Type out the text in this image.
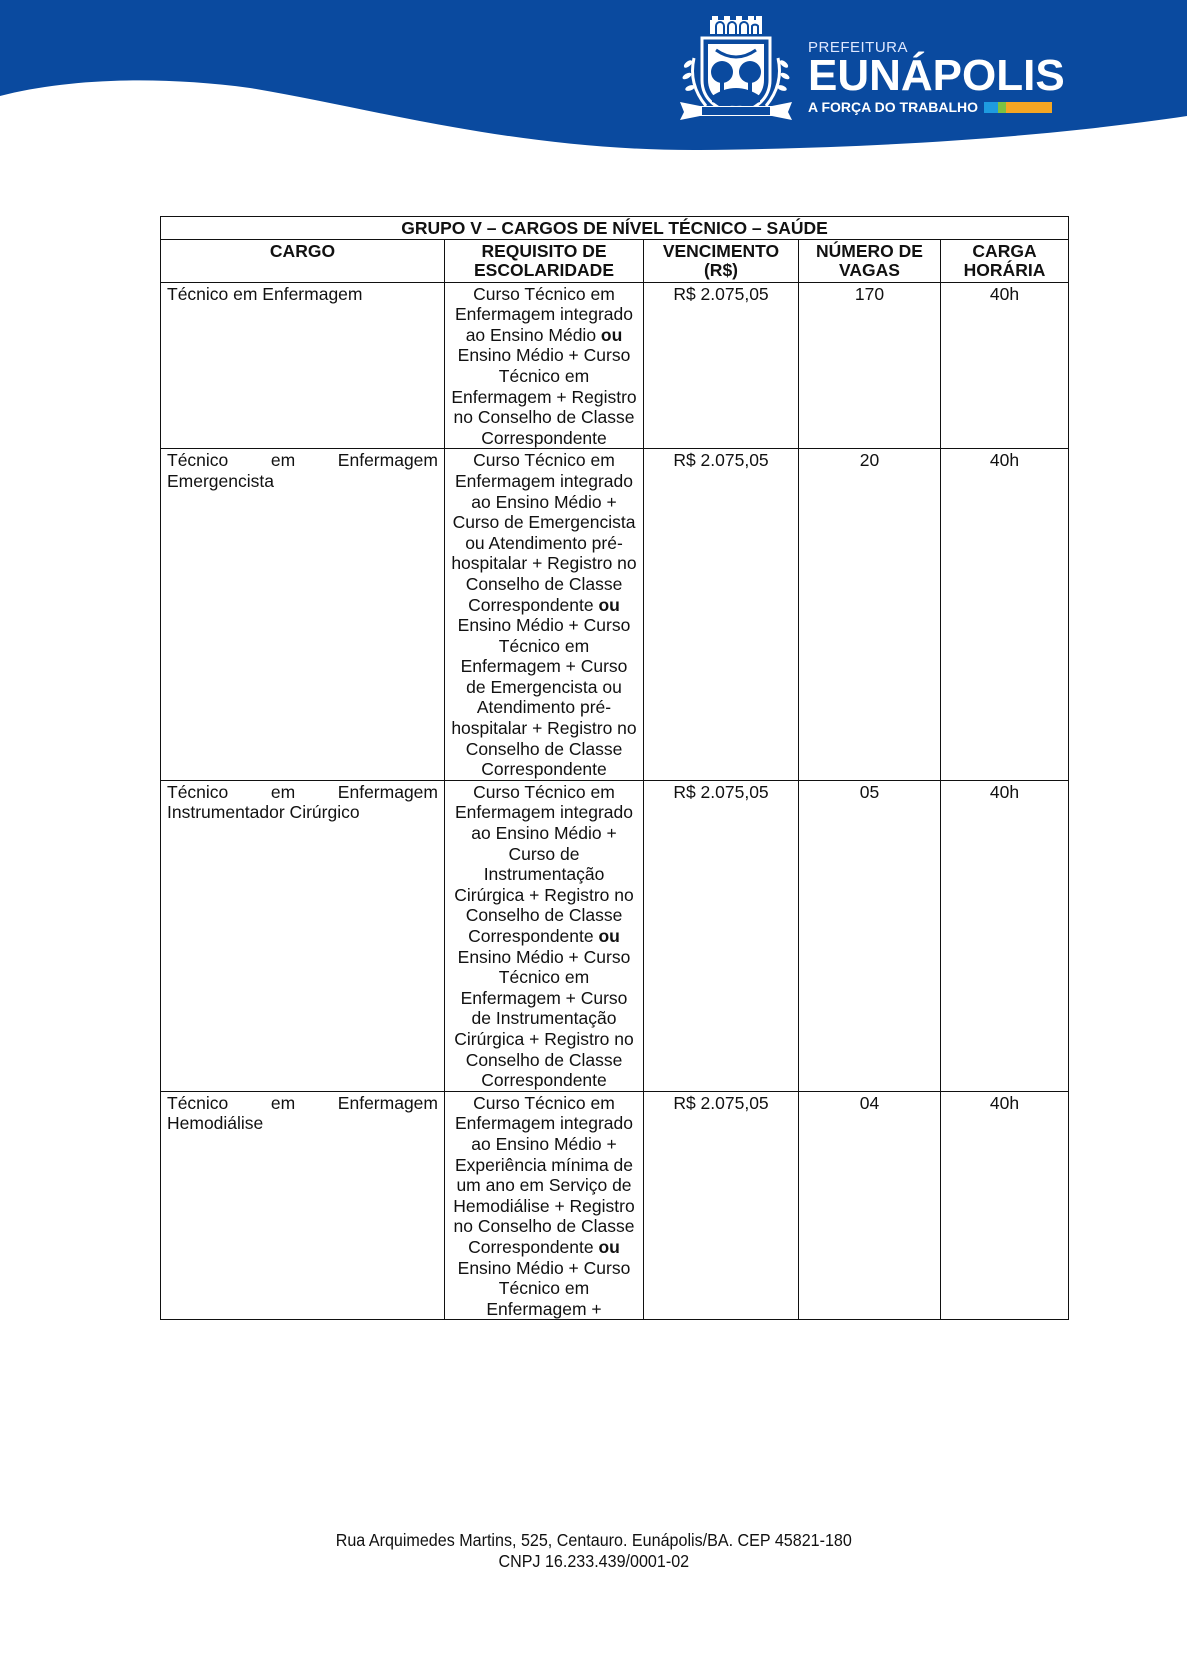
PREFEITURA
EUNÁPOLIS
A FORÇA DO TRABALHO
GRUPO V – CARGOS DE NÍVEL TÉCNICO – SAÚDE				
CARGO	REQUISITO DE ESCOLARIDADE	VENCIMENTO (R$)	NÚMERO DE VAGAS	CARGA HORÁRIA
Técnico em Enfermagem	Curso Técnico em Enfermagem integrado ao Ensino Médio ou Ensino Médio + Curso Técnico em Enfermagem + Registro no Conselho de Classe Correspondente	R$ 2.075,05	170	40h
Técnico em Enfermagem Emergencista	Curso Técnico em Enfermagem integrado ao Ensino Médio + Curso de Emergencista ou Atendimento pré-hospitalar + Registro no Conselho de Classe Correspondente ou Ensino Médio + Curso Técnico em Enfermagem + Curso de Emergencista ou Atendimento pré-hospitalar + Registro no Conselho de Classe Correspondente	R$ 2.075,05	20	40h
Técnico em Enfermagem Instrumentador Cirúrgico	Curso Técnico em Enfermagem integrado ao Ensino Médio + Curso de Instrumentação Cirúrgica + Registro no Conselho de Classe Correspondente ou Ensino Médio + Curso Técnico em Enfermagem + Curso de Instrumentação Cirúrgica + Registro no Conselho de Classe Correspondente	R$ 2.075,05	05	40h
Técnico em Enfermagem Hemodiálise	Curso Técnico em Enfermagem integrado ao Ensino Médio + Experiência mínima de um ano em Serviço de Hemodiálise + Registro no Conselho de Classe Correspondente ou Ensino Médio + Curso Técnico em Enfermagem +	R$ 2.075,05	04	40h
Rua Arquimedes Martins, 525, Centauro. Eunápolis/BA. CEP 45821-180
CNPJ 16.233.439/0001-02
